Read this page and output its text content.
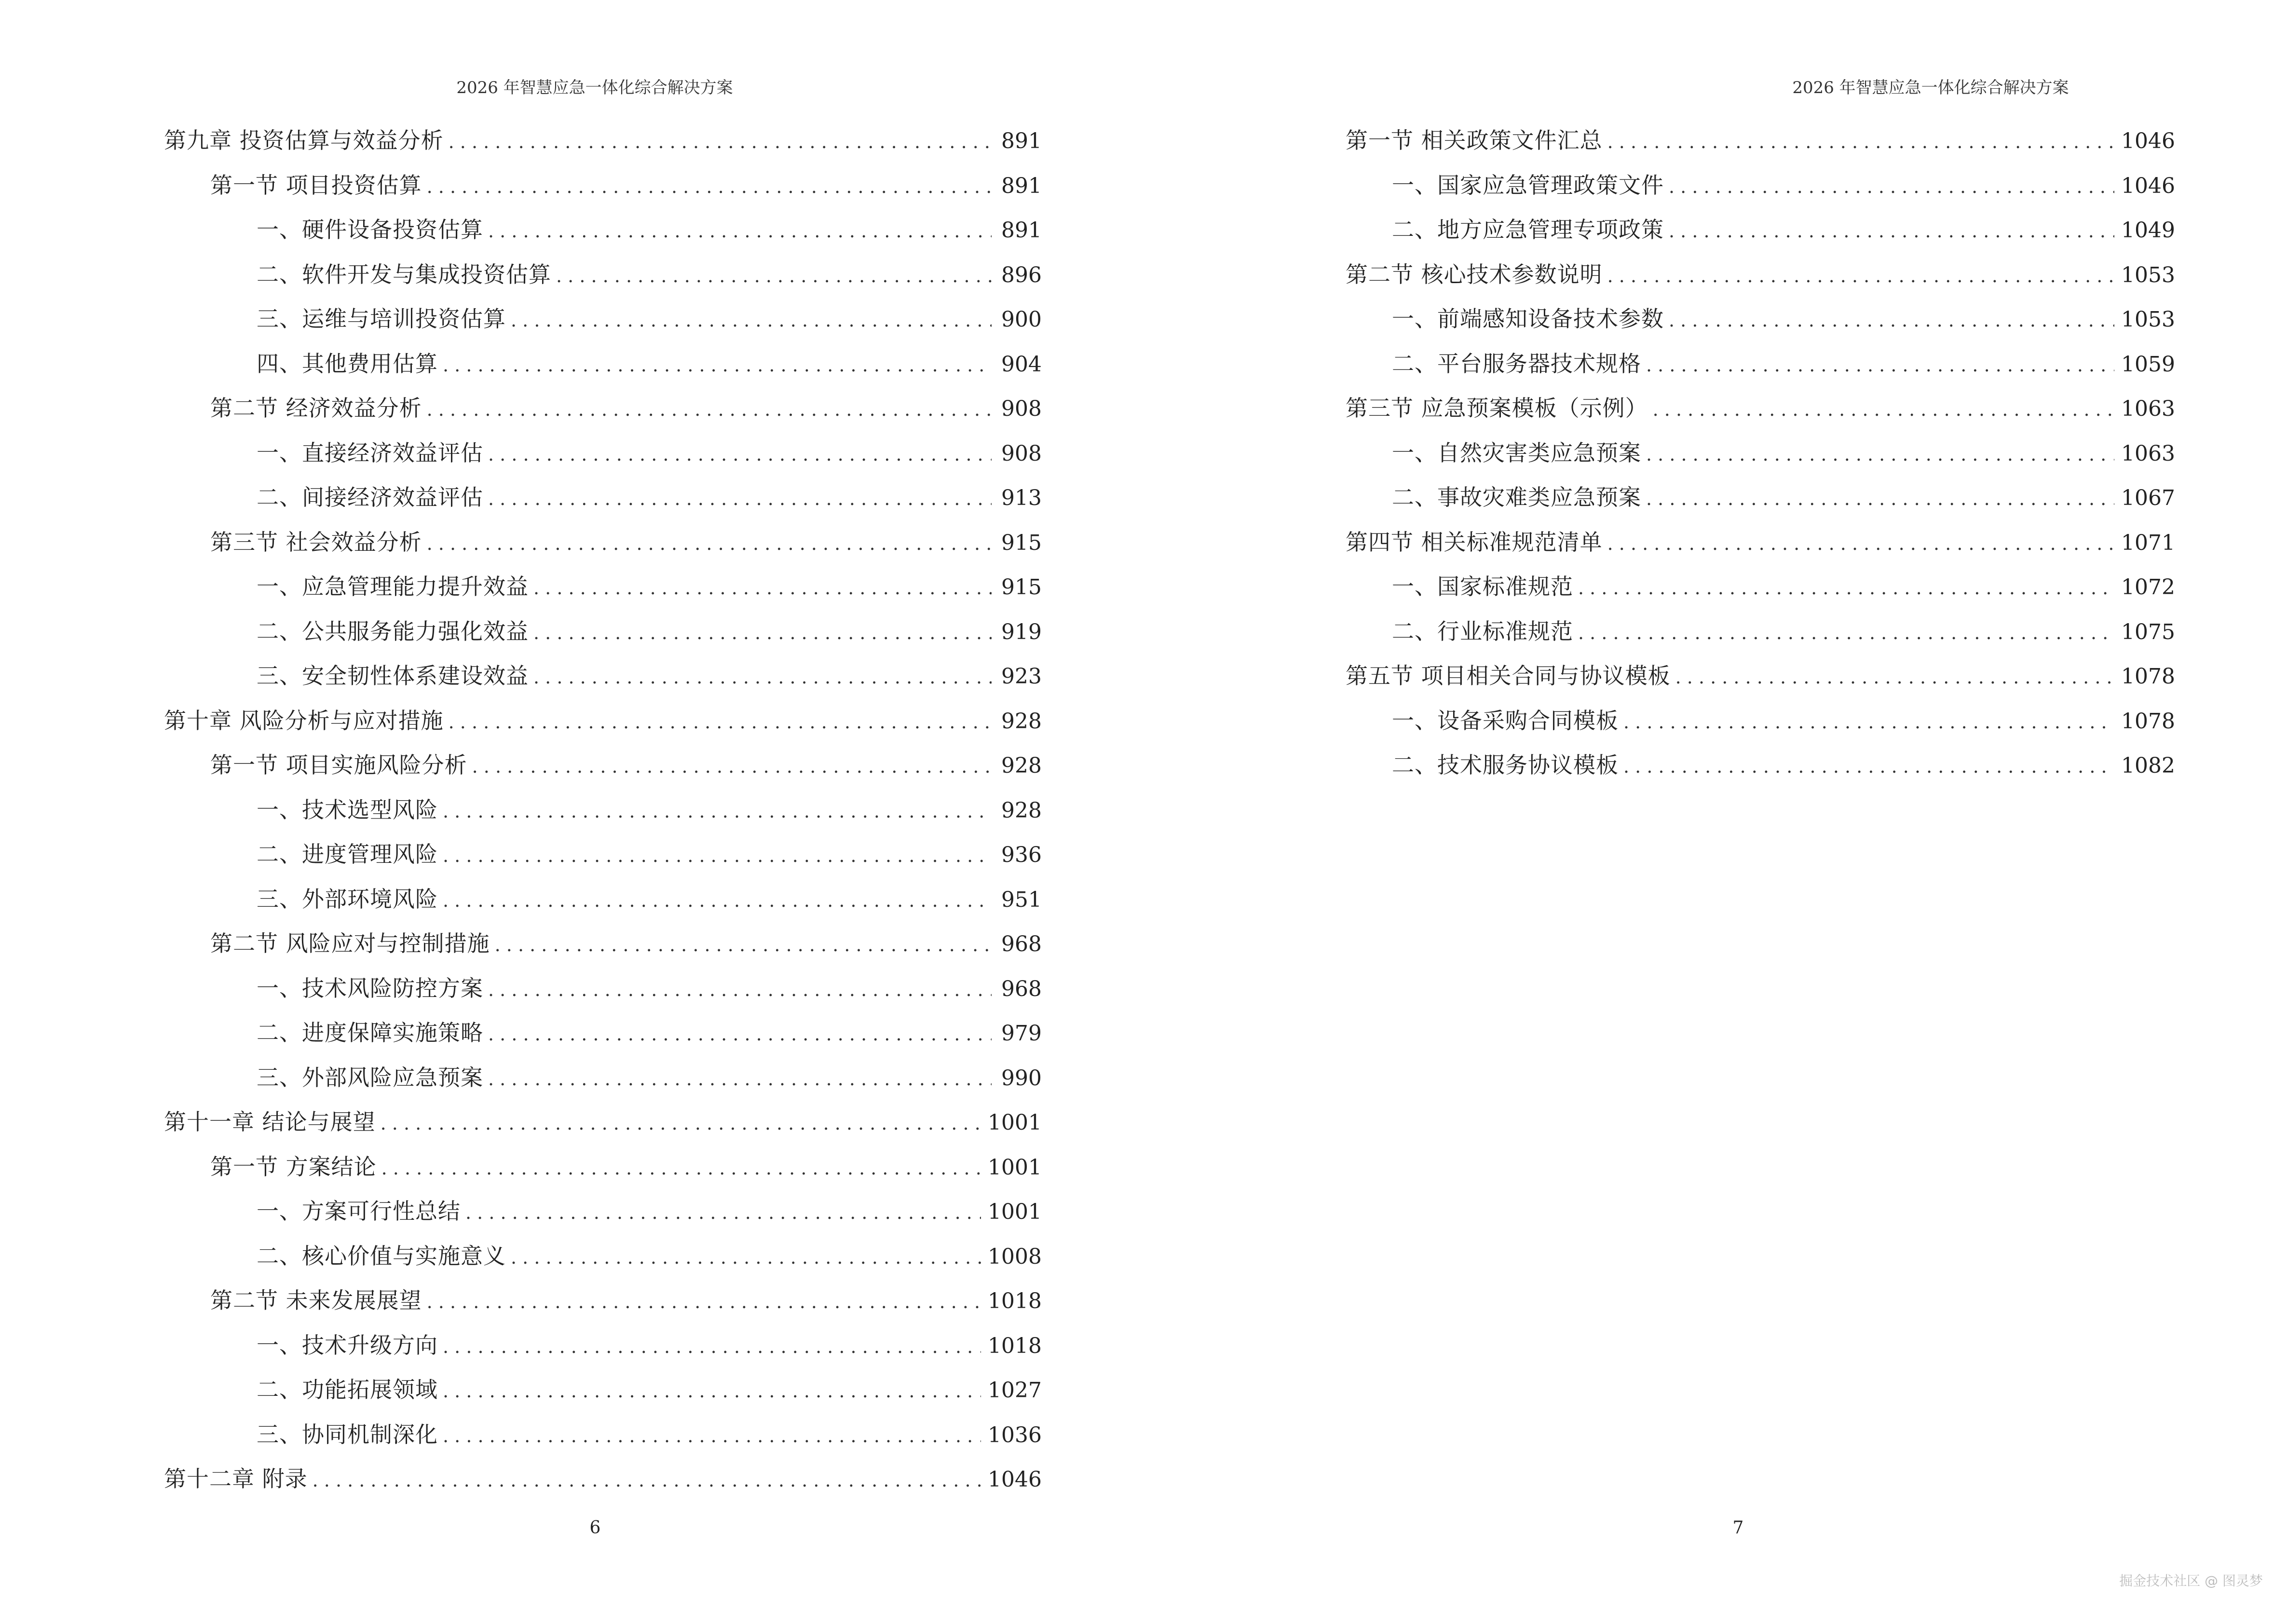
2026 年智慧应急一体化综合解决方案
第九章 投资估算与效益分析 . . .	891
第一节 项目投资估算 . . .	891
一、硬件设备投资估算 . . .	891
二、软件开发与集成投资估算 . . .	896
三、运维与培训投资估算 . . .	900
四、其他费用估算 . . .	904
第二节 经济效益分析 . . .	908
一、直接经济效益评估 . . .	908
二、间接经济效益评估 . . .	913
第三节 社会效益分析 . . .	915
一、应急管理能力提升效益 . . .	915
二、公共服务能力强化效益 . . .	919
三、安全韧性体系建设效益 . . .	923
第十章 风险分析与应对措施 . . .	928
第一节 项目实施风险分析 . . .	928
一、技术选型风险 . . .	928
二、进度管理风险 . . .	936
三、外部环境风险 . . .	951
第二节 风险应对与控制措施 . . .	968
一、技术风险防控方案 . . .	968
二、进度保障实施策略 . . .	979
三、外部风险应急预案 . . .	990
第十一章 结论与展望 . . .	1001
第一节 方案结论 . . .	1001
一、方案可行性总结 . . .	1001
二、核心价值与实施意义 . . .	1008
第二节 未来发展展望 . . .	1018
一、技术升级方向 . . .	1018
二、功能拓展领域 . . .	1027
三、协同机制深化 . . .	1036
第十二章 附录 . . .	1046
6
2026 年智慧应急一体化综合解决方案
第一节 相关政策文件汇总 . . .	1046
一、国家应急管理政策文件 . . .	1046
二、地方应急管理专项政策 . . .	1049
第二节 核心技术参数说明 . . .	1053
一、前端感知设备技术参数 . . .	1053
二、平台服务器技术规格 . . .	1059
第三节 应急预案模板（示例） . . .	1063
一、自然灾害类应急预案 . . .	1063
二、事故灾难类应急预案 . . .	1067
第四节 相关标准规范清单 . . .	1071
一、国家标准规范 . . .	1072
二、行业标准规范 . . .	1075
第五节 项目相关合同与协议模板 . . .	1078
一、设备采购合同模板 . . .	1078
二、技术服务协议模板 . . .	1082
7
掘金技术社区 @ 图灵梦
